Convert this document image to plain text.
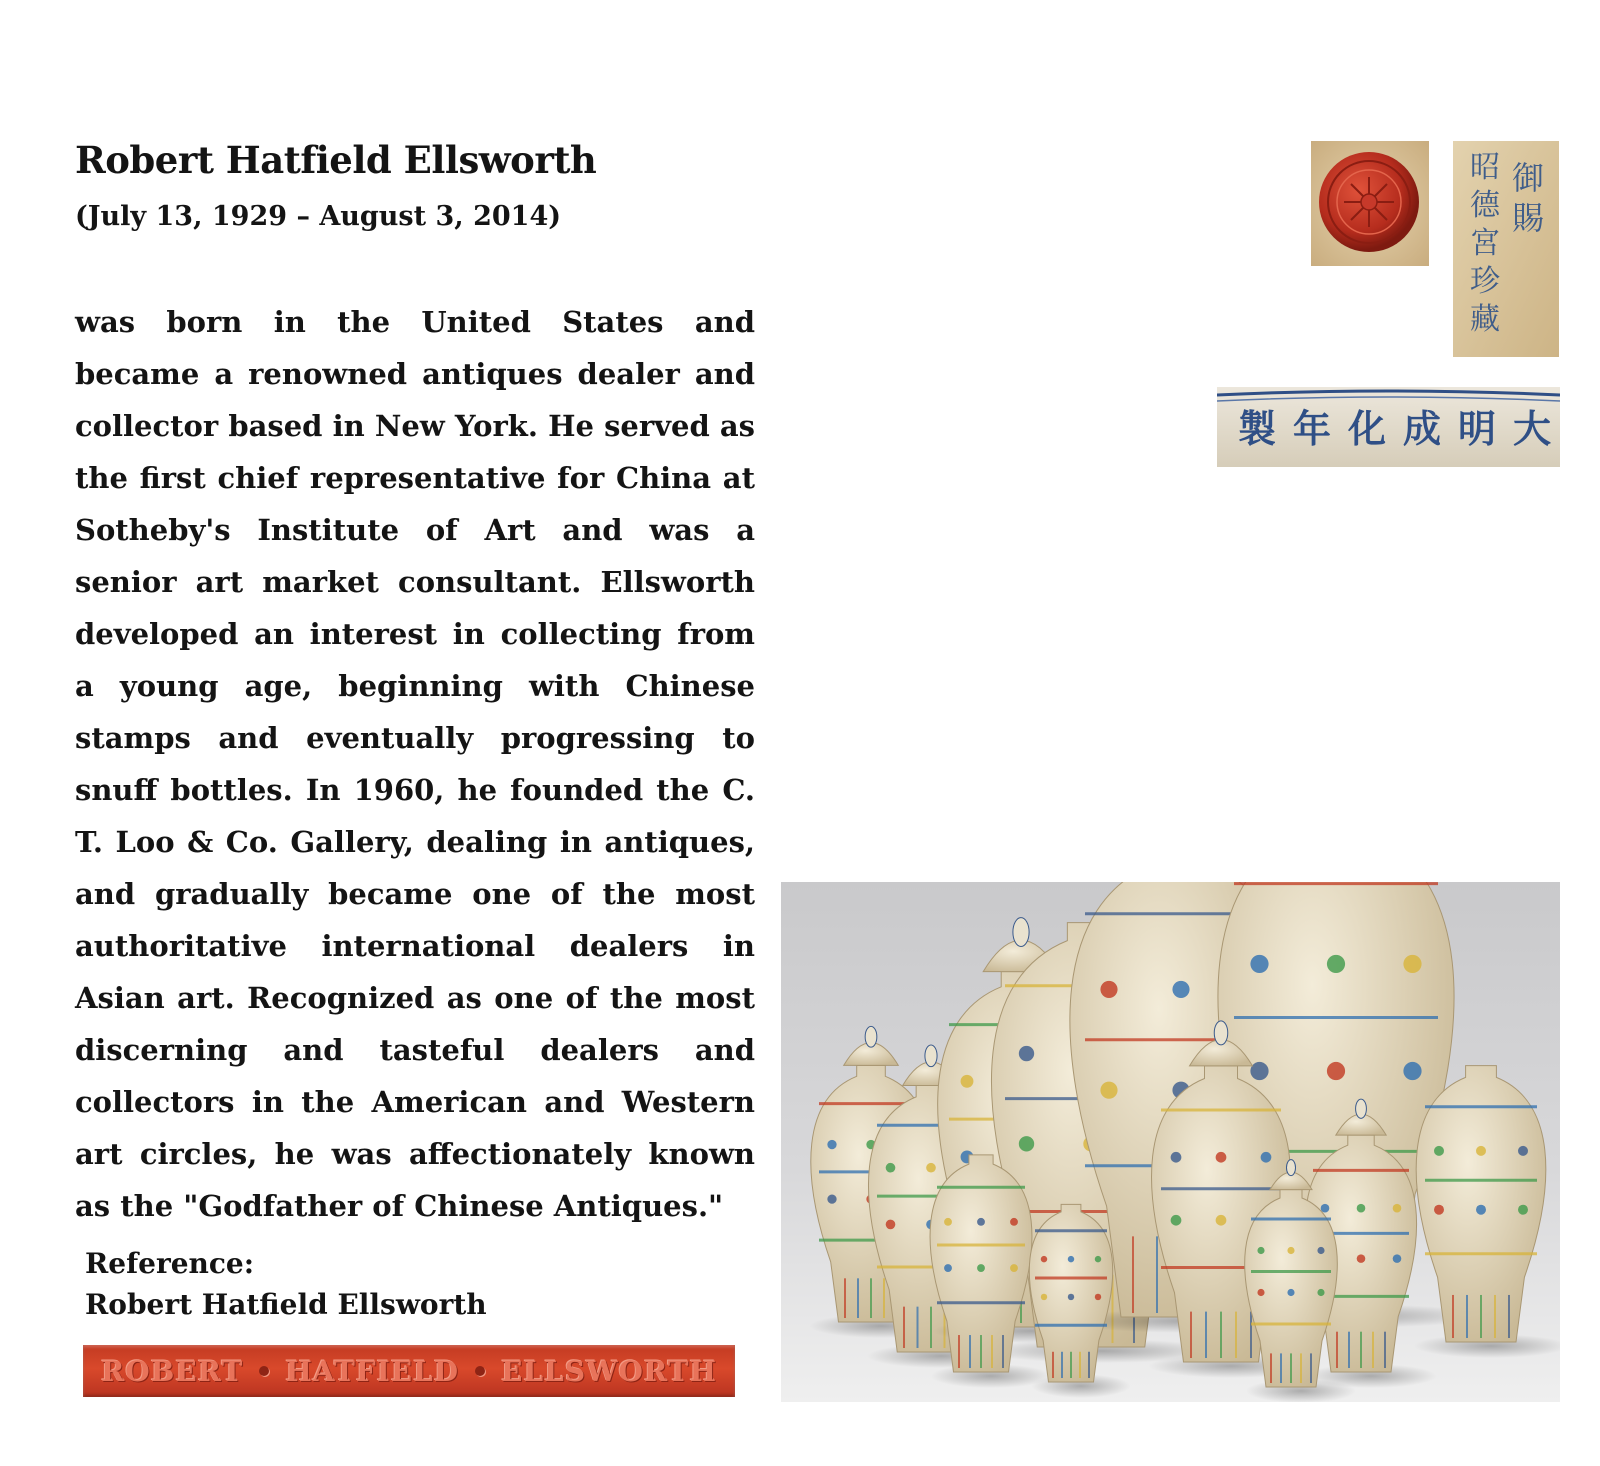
Robert Hatfield Ellsworth
(July 13, 1929 – August 3, 2014)

was born in the United States and became a renowned antiques dealer and collector based in New York. He served as the first chief representative for China at Sotheby's Institute of Art and was a senior art market consultant. Ellsworth developed an interest in collecting from a young age, beginning with Chinese stamps and eventually progressing to snuff bottles. In 1960, he founded the C. T. Loo & Co. Gallery, dealing in antiques, and gradually became one of the most authoritative international dealers in Asian art. Recognized as one of the most discerning and tasteful dealers and collectors in the American and Western art circles, he was affectionately known as the "Godfather of Chinese Antiques."

Reference:
Robert Hatfield Ellsworth
ROBERT HATFIELD ELLSWORTH
御
賜
昭
德
宮
珍
藏
大
明
成
化
年
製
